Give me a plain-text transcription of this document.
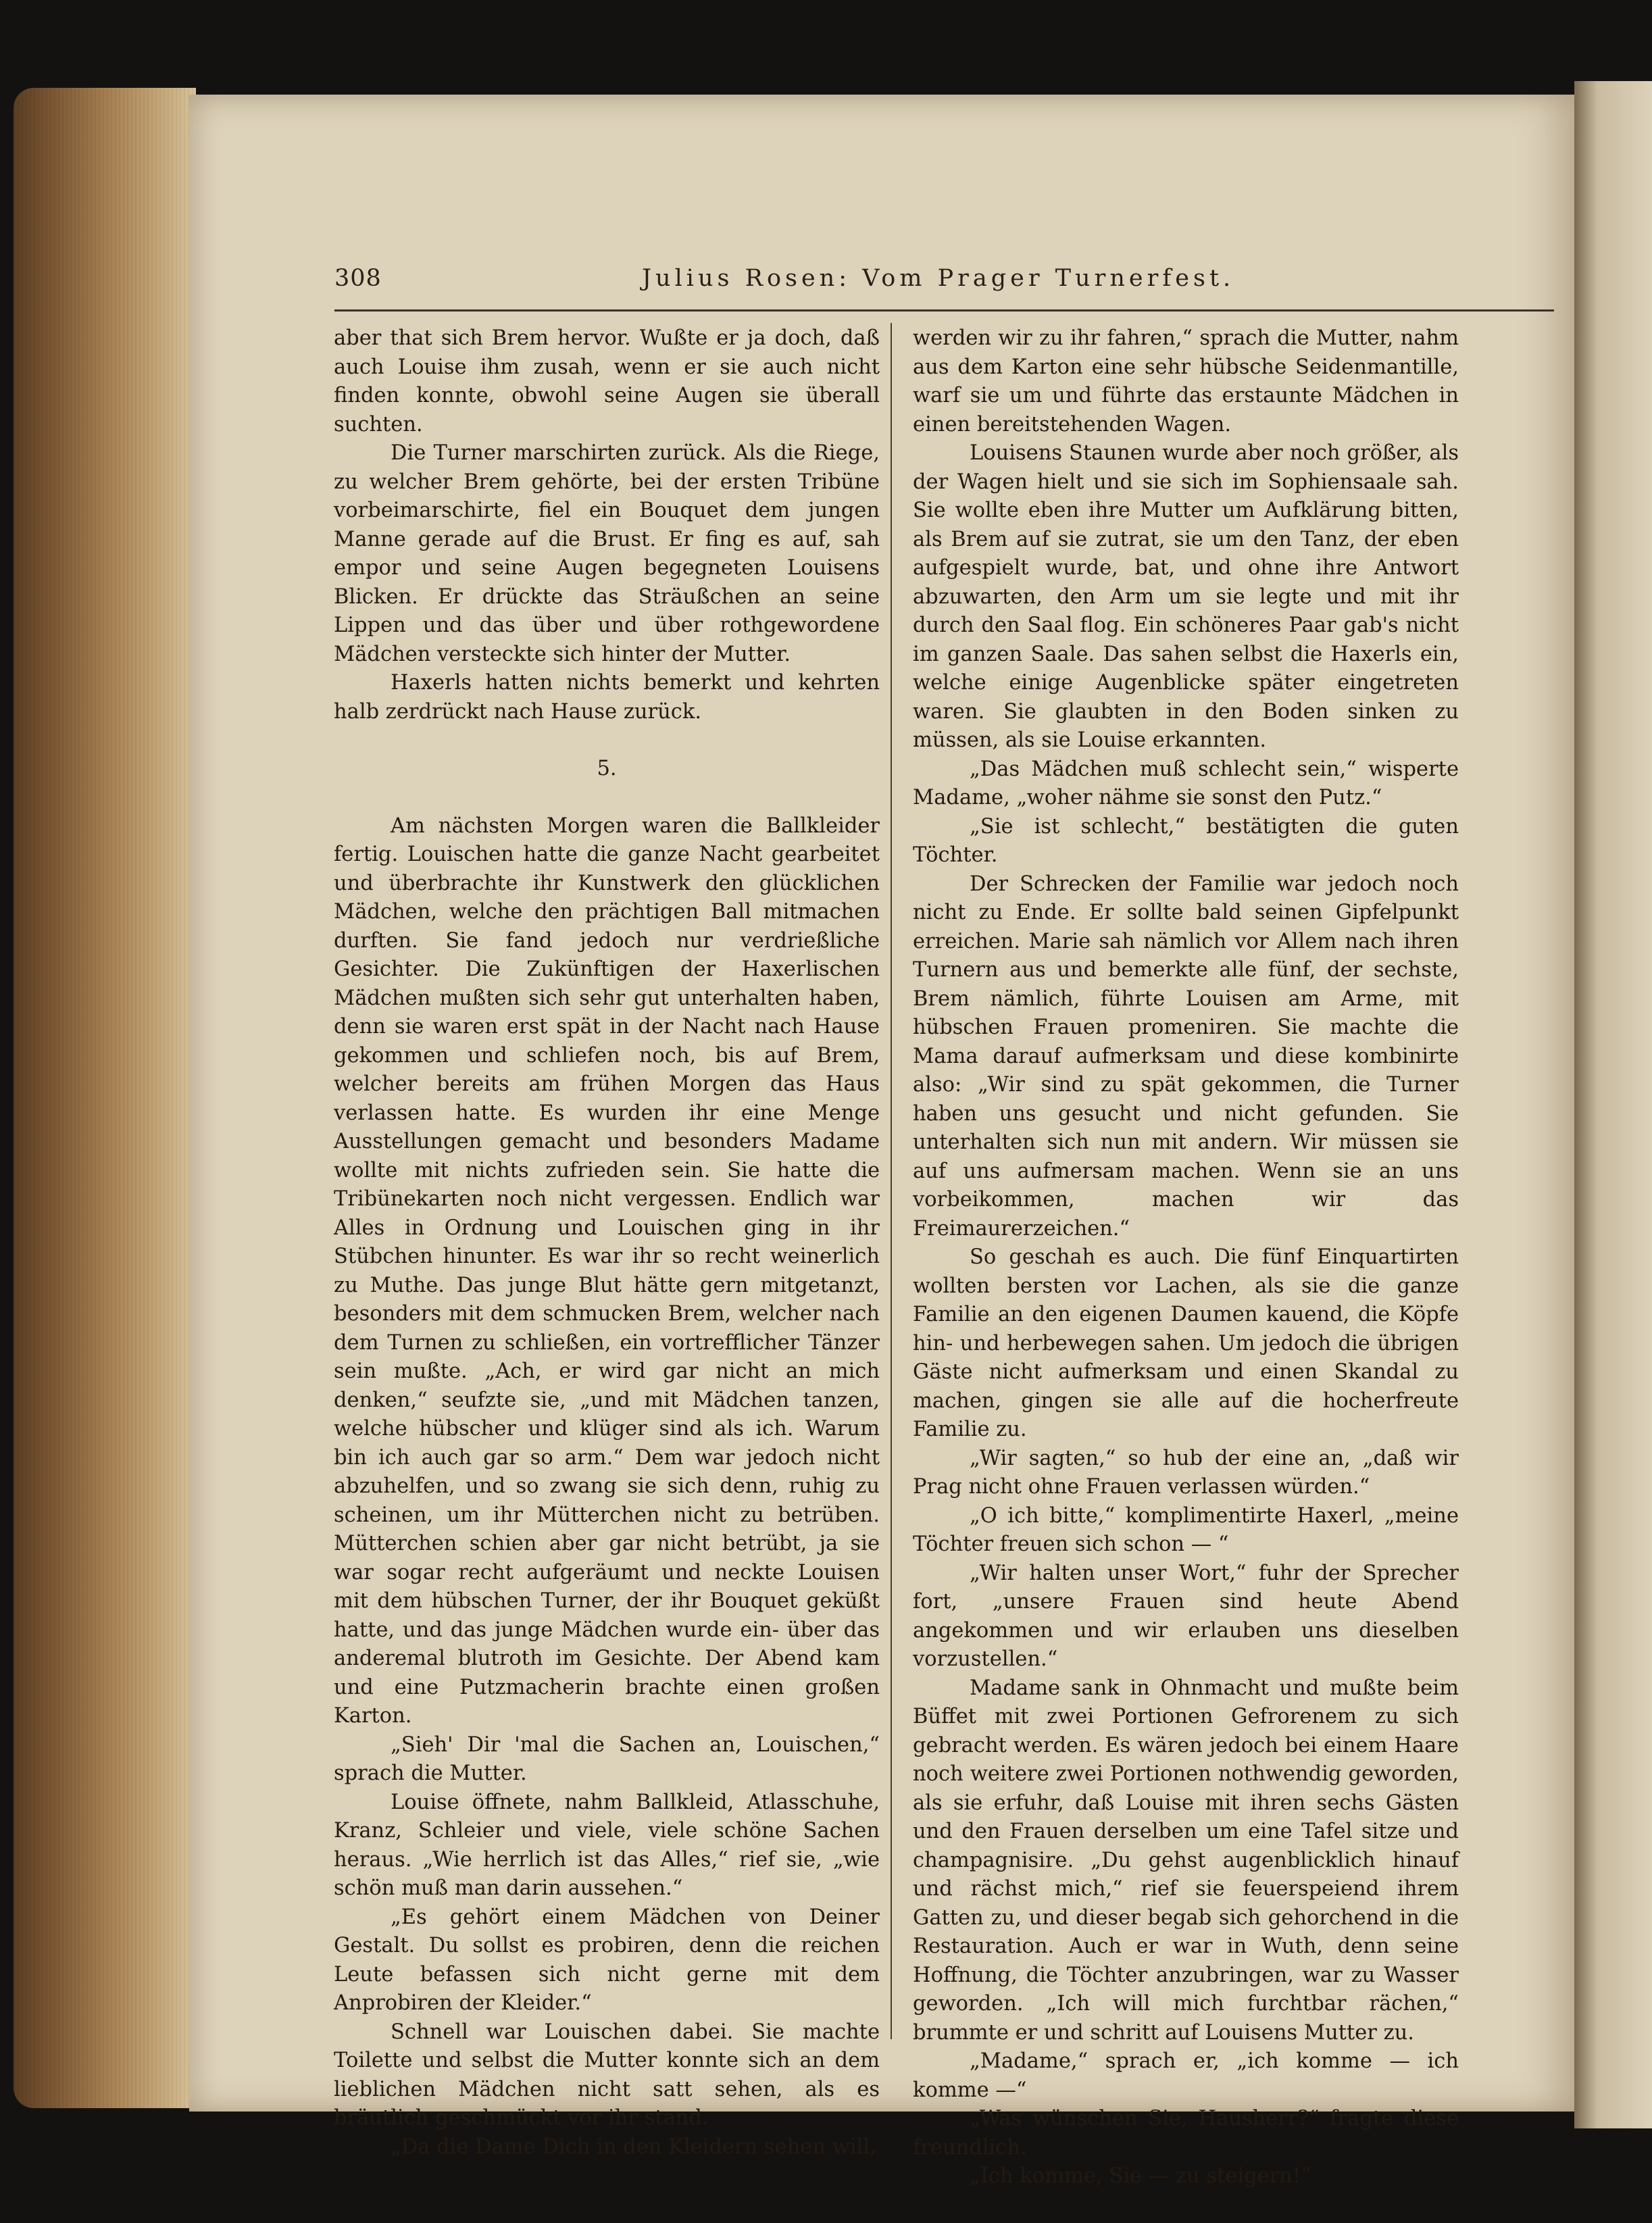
308	Julius Rosen: Vom Prager Turnerfest.

aber that sich Brem hervor. Wußte er ja doch, daß auch Louise ihm zusah, wenn er sie auch nicht finden konnte, obwohl seine Augen sie überall suchten.

Die Turner marschirten zurück. Als die Riege, zu welcher Brem gehörte, bei der ersten Tribüne vorbeimarschirte, fiel ein Bouquet dem jungen Manne gerade auf die Brust. Er fing es auf, sah empor und seine Augen begegneten Louisens Blicken. Er drückte das Sträußchen an seine Lippen und das über und über rothgewordene Mädchen versteckte sich hinter der Mutter.

Haxerls hatten nichts bemerkt und kehrten halb zerdrückt nach Hause zurück.

5.

Am nächsten Morgen waren die Ballkleider fertig. Louischen hatte die ganze Nacht gearbeitet und überbrachte ihr Kunstwerk den glücklichen Mädchen, welche den prächtigen Ball mitmachen durften. Sie fand jedoch nur verdrießliche Gesichter. Die Zukünftigen der Haxerlischen Mädchen mußten sich sehr gut unterhalten haben, denn sie waren erst spät in der Nacht nach Hause gekommen und schliefen noch, bis auf Brem, welcher bereits am frühen Morgen das Haus verlassen hatte. Es wurden ihr eine Menge Ausstellungen gemacht und besonders Madame wollte mit nichts zufrieden sein. Sie hatte die Tribünekarten noch nicht vergessen. Endlich war Alles in Ordnung und Louischen ging in ihr Stübchen hinunter. Es war ihr so recht weinerlich zu Muthe. Das junge Blut hätte gern mitgetanzt, besonders mit dem schmucken Brem, welcher nach dem Turnen zu schließen, ein vortrefflicher Tänzer sein mußte. „Ach, er wird gar nicht an mich denken,“ seufzte sie, „und mit Mädchen tanzen, welche hübscher und klüger sind als ich. Warum bin ich auch gar so arm.“ Dem war jedoch nicht abzuhelfen, und so zwang sie sich denn, ruhig zu scheinen, um ihr Mütterchen nicht zu betrüben. Mütterchen schien aber gar nicht betrübt, ja sie war sogar recht aufgeräumt und neckte Louisen mit dem hübschen Turner, der ihr Bouquet geküßt hatte, und das junge Mädchen wurde ein- über das anderemal blutroth im Gesichte. Der Abend kam und eine Putzmacherin brachte einen großen Karton.

„Sieh' Dir 'mal die Sachen an, Louischen,“ sprach die Mutter.

Louise öffnete, nahm Ballkleid, Atlasschuhe, Kranz, Schleier und viele, viele schöne Sachen heraus. „Wie herrlich ist das Alles,“ rief sie, „wie schön muß man darin aussehen.“

„Es gehört einem Mädchen von Deiner Gestalt. Du sollst es probiren, denn die reichen Leute befassen sich nicht gerne mit dem Anprobiren der Kleider.“

Schnell war Louischen dabei. Sie machte Toilette und selbst die Mutter konnte sich an dem lieblichen Mädchen nicht satt sehen, als es bräutlich geschmückt vor ihr stand.

„Da die Dame Dich in den Kleidern sehen will,

werden wir zu ihr fahren,“ sprach die Mutter, nahm aus dem Karton eine sehr hübsche Seidenmantille, warf sie um und führte das erstaunte Mädchen in einen bereitstehenden Wagen.

Louisens Staunen wurde aber noch größer, als der Wagen hielt und sie sich im Sophiensaale sah. Sie wollte eben ihre Mutter um Aufklärung bitten, als Brem auf sie zutrat, sie um den Tanz, der eben aufgespielt wurde, bat, und ohne ihre Antwort abzuwarten, den Arm um sie legte und mit ihr durch den Saal flog. Ein schöneres Paar gab's nicht im ganzen Saale. Das sahen selbst die Haxerls ein, welche einige Augenblicke später eingetreten waren. Sie glaubten in den Boden sinken zu müssen, als sie Louise erkannten.

„Das Mädchen muß schlecht sein,“ wisperte Madame, „woher nähme sie sonst den Putz.“

„Sie ist schlecht,“ bestätigten die guten Töchter.

Der Schrecken der Familie war jedoch noch nicht zu Ende. Er sollte bald seinen Gipfelpunkt erreichen. Marie sah nämlich vor Allem nach ihren Turnern aus und bemerkte alle fünf, der sechste, Brem nämlich, führte Louisen am Arme, mit hübschen Frauen promeniren. Sie machte die Mama darauf aufmerksam und diese kombinirte also: „Wir sind zu spät gekommen, die Turner haben uns gesucht und nicht gefunden. Sie unterhalten sich nun mit andern. Wir müssen sie auf uns aufmersam machen. Wenn sie an uns vorbeikommen, machen wir das Freimaurerzeichen.“

So geschah es auch. Die fünf Einquartirten wollten bersten vor Lachen, als sie die ganze Familie an den eigenen Daumen kauend, die Köpfe hin- und herbewegen sahen. Um jedoch die übrigen Gäste nicht aufmerksam und einen Skandal zu machen, gingen sie alle auf die hocherfreute Familie zu.

„Wir sagten,“ so hub der eine an, „daß wir Prag nicht ohne Frauen verlassen würden.“

„O ich bitte,“ komplimentirte Haxerl, „meine Töchter freuen sich schon — “

„Wir halten unser Wort,“ fuhr der Sprecher fort, „unsere Frauen sind heute Abend angekommen und wir erlauben uns dieselben vorzustellen.“

Madame sank in Ohnmacht und mußte beim Büffet mit zwei Portionen Gefrorenem zu sich gebracht werden. Es wären jedoch bei einem Haare noch weitere zwei Portionen nothwendig geworden, als sie erfuhr, daß Louise mit ihren sechs Gästen und den Frauen derselben um eine Tafel sitze und champagnisire. „Du gehst augenblicklich hinauf und rächst mich,“ rief sie feuerspeiend ihrem Gatten zu, und dieser begab sich gehorchend in die Restauration. Auch er war in Wuth, denn seine Hoffnung, die Töchter anzubringen, war zu Wasser geworden. „Ich will mich furchtbar rächen,“ brummte er und schritt auf Louisens Mutter zu.

„Madame,“ sprach er, „ich komme — ich komme —“

„Was wünschen Sie, Hausherr?“ fragte diese freundlich.

„Ich komme, Sie — zu steigern!“
